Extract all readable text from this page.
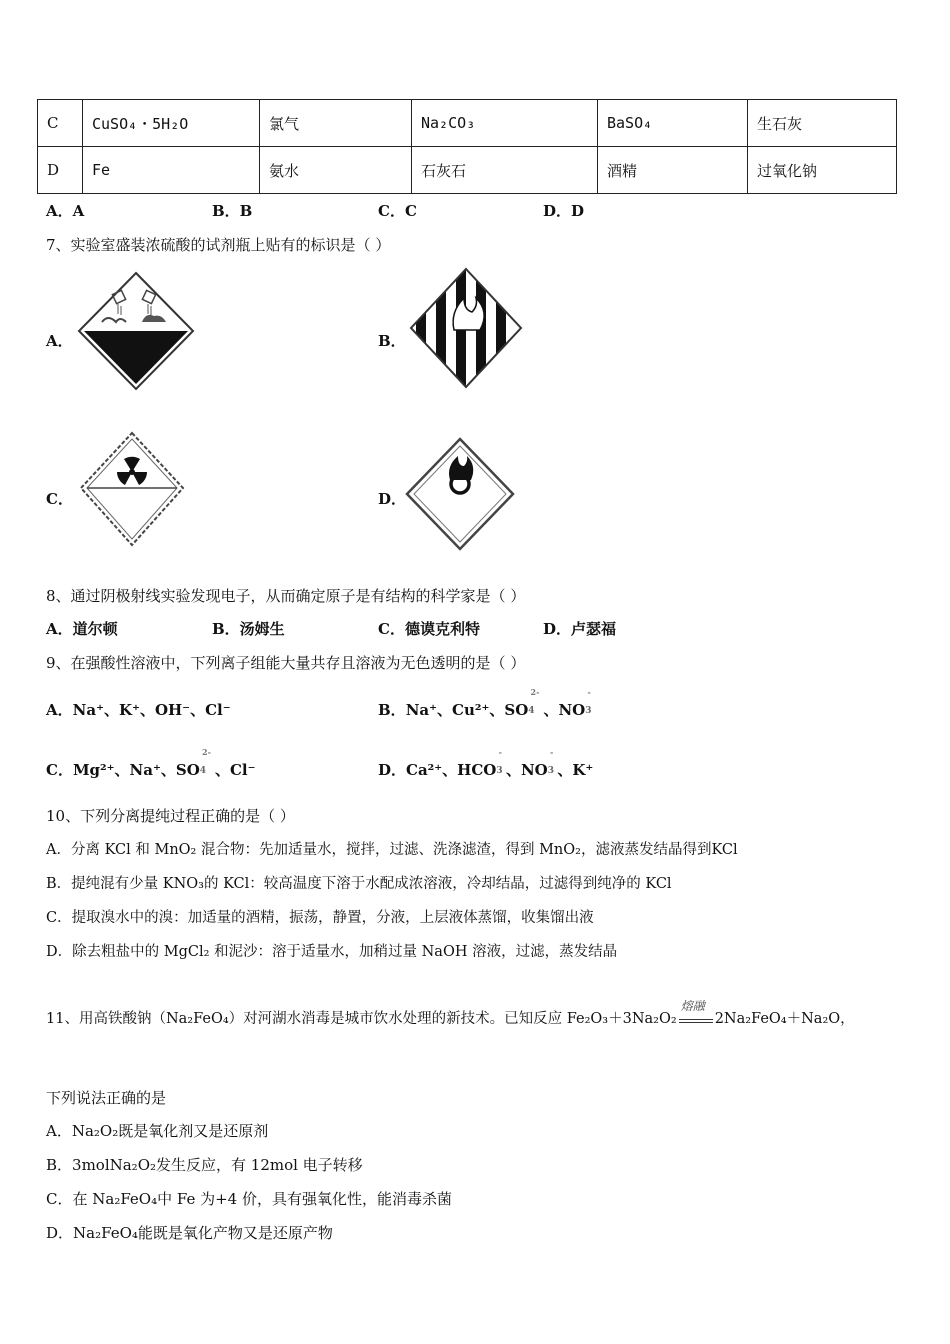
C	CuSO₄・5H₂O	氯气	Na₂CO₃	BaSO₄	生石灰
D	Fe	氨水	石灰石	酒精	过氧化钠
A．A	B．B	C．C	D．D
7、实验室盛装浓硫酸的试剂瓶上贴有的标识是（ ）
A．	B．
C．	D．
8、通过阴极射线实验发现电子，从而确定原子是有结构的科学家是（ ）
A．道尔顿	B．汤姆生	C．德谟克利特	D．卢瑟福
9、在强酸性溶液中，下列离子组能大量共存且溶液为无色透明的是（ ）
A．Na⁺、K⁺、OH⁻、Cl⁻	B．Na⁺、Cu²⁺、$SO4^{2-}$、NO3-
C．Mg²⁺、Na⁺、$SO4^{2-}$、Cl⁻	D．Ca²⁺、HCO3-、NO3-、K⁺
10、下列分离提纯过程正确的是（ ）
A．分离 KCl 和 MnO₂ 混合物：先加适量水，搅拌，过滤、洗涤滤渣，得到 MnO₂，滤液蒸发结晶得到KCl
B．提纯混有少量 KNO₃的 KCl：较高温度下溶于水配成浓溶液，冷却结晶，过滤得到纯净的 KCl
C．提取溴水中的溴：加适量的酒精，振荡，静置，分液，上层液体蒸馏，收集馏出液
D．除去粗盐中的 MgCl₂ 和泥沙：溶于适量水，加稍过量 NaOH 溶液，过滤，蒸发结晶
11、用高铁酸钠（Na₂FeO₄）对河湖水消毒是城市饮水处理的新技术。已知反应 Fe₂O₃＋3Na₂O₂
熔融
2Na₂FeO₄＋Na₂O，
下列说法正确的是
A．Na₂O₂既是氧化剂又是还原剂
B．3molNa₂O₂发生反应，有 12mol 电子转移
C．在 Na₂FeO₄中 Fe 为+4 价，具有强氧化性，能消毒杀菌
D．Na₂FeO₄能既是氧化产物又是还原产物
